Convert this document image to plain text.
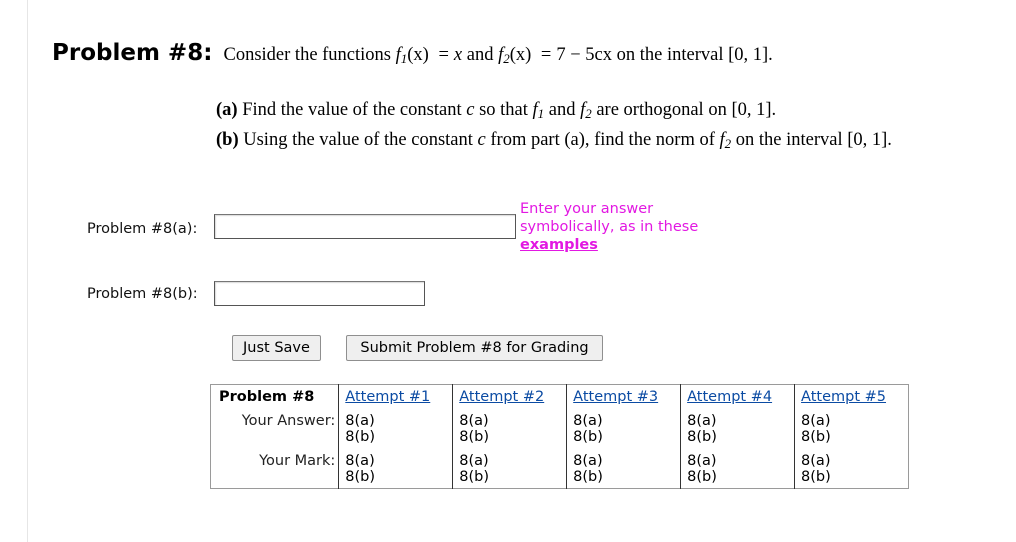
Problem #8: Consider the functions $f_1(x) = x$ and $f_2(x) = 7 - 5cx$ on the interval [0, 1].
(a) Find the value of the constant c so that $f_1$ and $f_2$ are orthogonal on [0, 1].
(b) Using the value of the constant c from part (a), find the norm of $f_2$ on the interval [0, 1].
Problem #8(a):
Enter your answer symbolically, as in these
examples
Problem #8(b):
Just Save	Submit Problem #8 for Grading
Problem #8	Attempt #1	Attempt #2	Attempt #3	Attempt #4	Attempt #5
Your Answer:	8(a)
8(b)	8(a)
8(b)	8(a)
8(b)	8(a)
8(b)	8(a)
8(b)

Your Mark:	8(a)
8(b)	8(a)
8(b)	8(a)
8(b)	8(a)
8(b)	8(a)
8(b)
